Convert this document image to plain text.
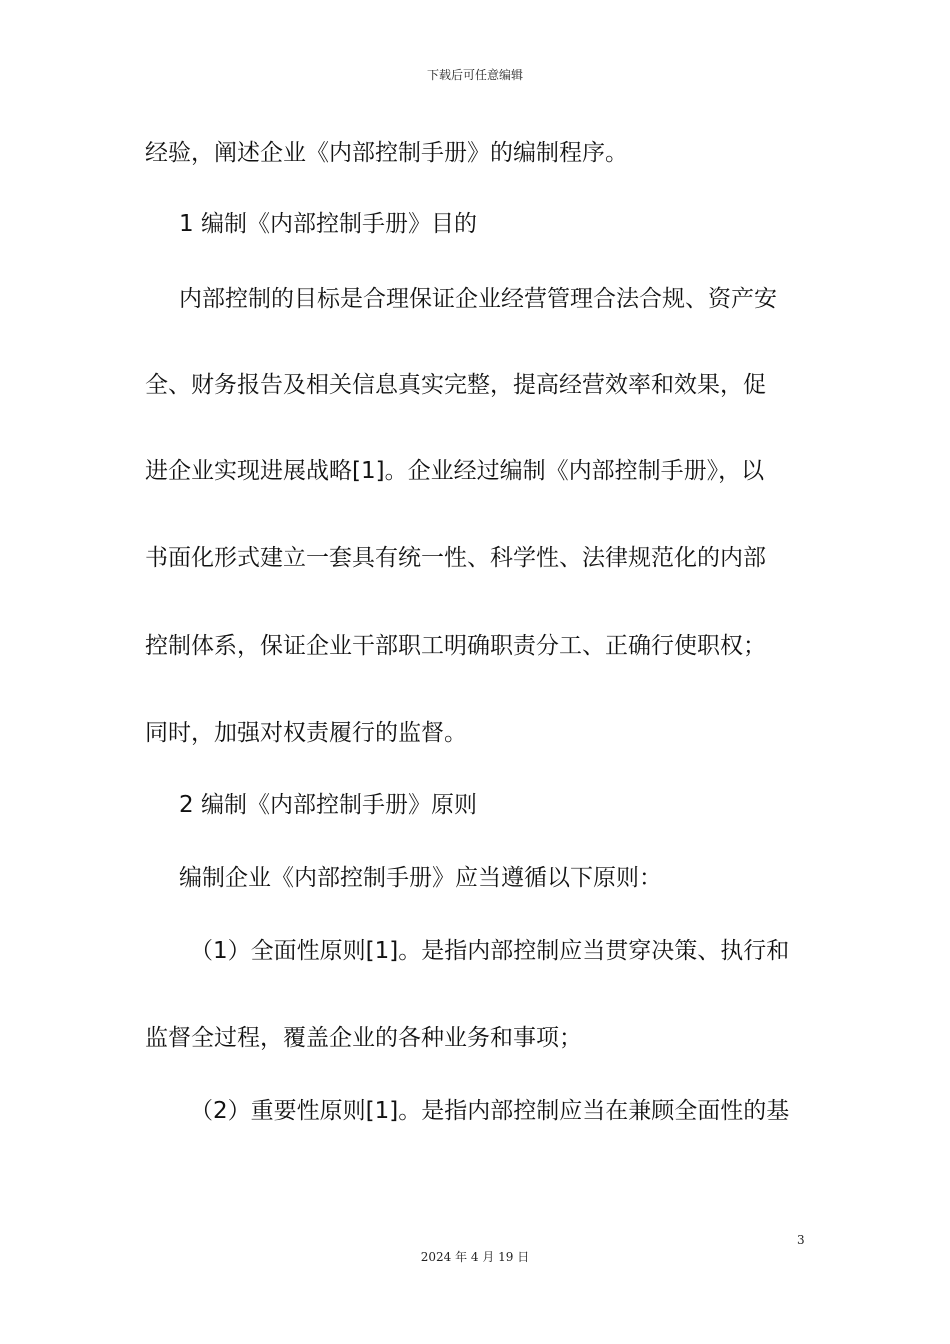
下载后可任意编辑
经验，阐述企业《内部控制手册》的编制程序。
1 编制《内部控制手册》目的
内部控制的目标是合理保证企业经营管理合法合规、资产安
全、财务报告及相关信息真实完整，提高经营效率和效果，促
进企业实现进展战略[1]。企业经过编制《内部控制手册》，以
书面化形式建立一套具有统一性、科学性、法律规范化的内部
控制体系，保证企业干部职工明确职责分工、正确行使职权；
同时，加强对权责履行的监督。
2 编制《内部控制手册》原则
编制企业《内部控制手册》应当遵循以下原则：
（1）全面性原则[1]。是指内部控制应当贯穿决策、执行和
监督全过程，覆盖企业的各种业务和事项；
（2）重要性原则[1]。是指内部控制应当在兼顾全面性的基
3
2024 年 4 月 19 日
